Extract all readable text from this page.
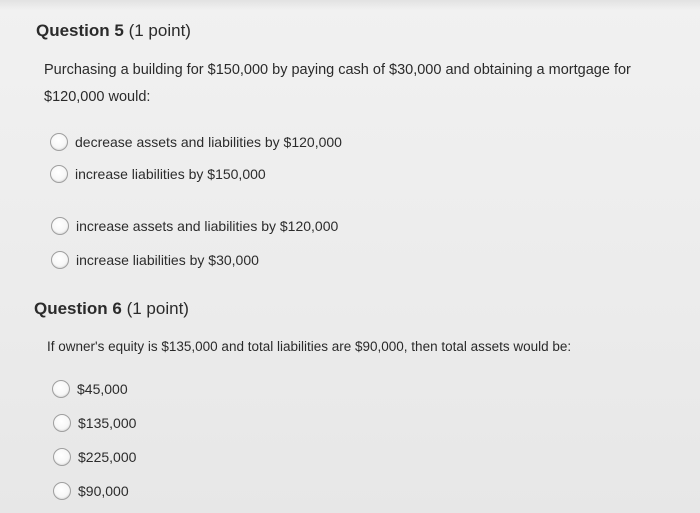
Question 5 (1 point)
Purchasing a building for $150,000 by paying cash of $30,000 and obtaining a mortgage for
$120,000 would:
decrease assets and liabilities by $120,000
increase liabilities by $150,000
increase assets and liabilities by $120,000
increase liabilities by $30,000
Question 6 (1 point)
If owner's equity is $135,000 and total liabilities are $90,000, then total assets would be:
$45,000
$135,000
$225,000
$90,000
